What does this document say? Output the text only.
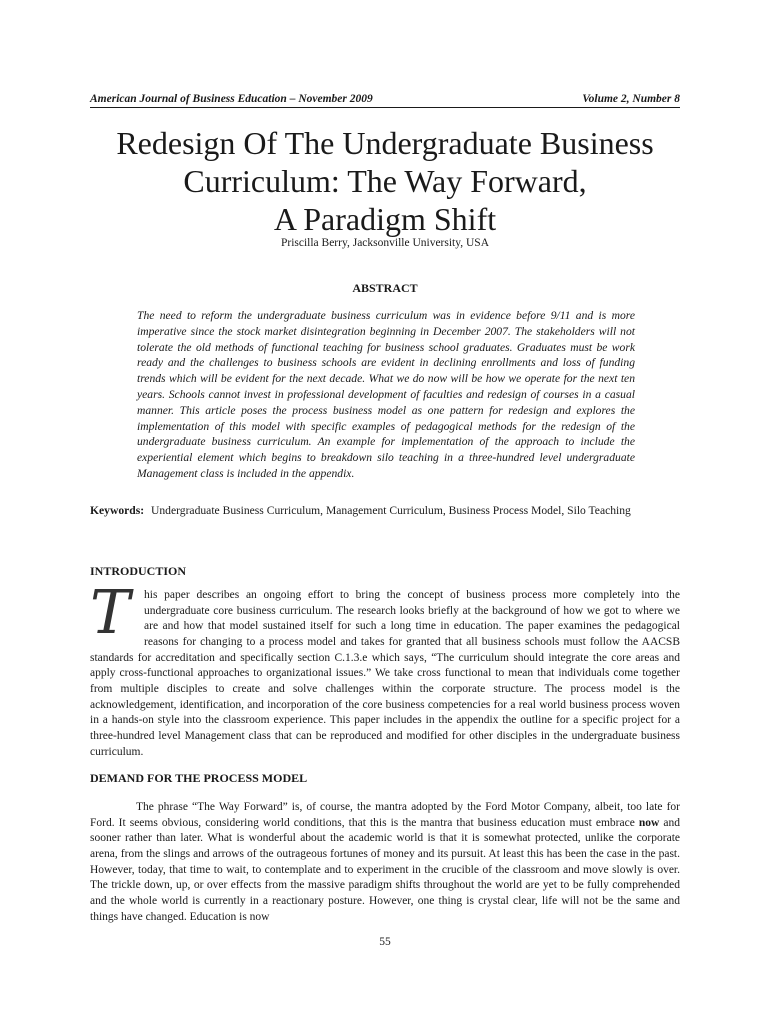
American Journal of Business Education – November 2009	Volume 2, Number 8
Redesign Of The Undergraduate Business
Curriculum: The Way Forward,
A Paradigm Shift
Priscilla Berry, Jacksonville University, USA
ABSTRACT

The need to reform the undergraduate business curriculum was in evidence before 9/11 and is more imperative since the stock market disintegration beginning in December 2007. The stakeholders will not tolerate the old methods of functional teaching for business school graduates. Graduates must be work ready and the challenges to business schools are evident in declining enrollments and loss of funding trends which will be evident for the next decade. What we do now will be how we operate for the next ten years. Schools cannot invest in professional development of faculties and redesign of courses in a casual manner. This article poses the process business model as one pattern for redesign and explores the implementation of this model with specific examples of pedagogical methods for the redesign of the undergraduate business curriculum. An example for implementation of the approach to include the experiential element which begins to breakdown silo teaching in a three-hundred level undergraduate Management class is included in the appendix.

Keywords: Undergraduate Business Curriculum, Management Curriculum, Business Process Model, Silo Teaching

INTRODUCTION

T his paper describes an ongoing effort to bring the concept of business process more completely into the undergraduate core business curriculum. The research looks briefly at the background of how we got to where we are and how that model sustained itself for such a long time in education. The paper examines the pedagogical reasons for changing to a process model and takes for granted that all business schools must follow the AACSB standards for accreditation and specifically section C.1.3.e which says, “The curriculum should integrate the core areas and apply cross-functional approaches to organizational issues.” We take cross functional to mean that individuals come together from multiple disciples to create and solve challenges within the corporate structure. The process model is the acknowledgement, identification, and incorporation of the core business competencies for a real world business process woven in a hands-on style into the classroom experience. This paper includes in the appendix the outline for a specific project for a three-hundred level Management class that can be reproduced and modified for other disciples in the undergraduate business curriculum.

DEMAND FOR THE PROCESS MODEL

The phrase “The Way Forward” is, of course, the mantra adopted by the Ford Motor Company, albeit, too late for Ford. It seems obvious, considering world conditions, that this is the mantra that business education must embrace now and sooner rather than later. What is wonderful about the academic world is that it is somewhat protected, unlike the corporate arena, from the slings and arrows of the outrageous fortunes of money and its pursuit. At least this has been the case in the past. However, today, that time to wait, to contemplate and to experiment in the crucible of the classroom and move slowly is over. The trickle down, up, or over effects from the massive paradigm shifts throughout the world are yet to be fully comprehended and the whole world is currently in a reactionary posture. However, one thing is crystal clear, life will not be the same and things have changed. Education is now

55
